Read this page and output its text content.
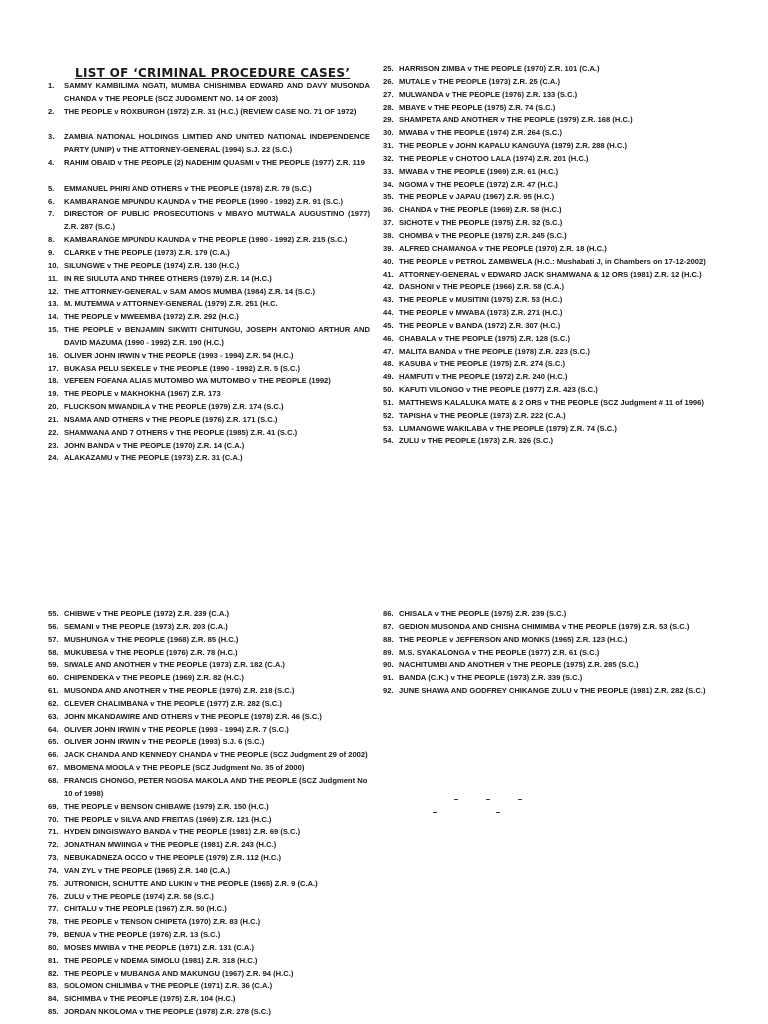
LIST OF ‘CRIMINAL PROCEDURE CASES’
1.	SAMMY KAMBILIMA NGATI, MUMBA CHISHIMBA EDWARD AND DAVY MUSONDA CHANDA v THE PEOPLE (SCZ JUDGMENT NO. 14 OF 2003)
2.	THE PEOPLE v ROXBURGH (1972) Z.R. 31 (H.C.) (REVIEW CASE NO. 71 OF 1972)
3.	ZAMBIA NATIONAL HOLDINGS LIMTIED AND UNITED NATIONAL INDEPENDENCE PARTY (UNIP) v THE ATTORNEY-GENERAL (1994) S.J. 22 (S.C.)
4.	RAHIM OBAID v THE PEOPLE (2) NADEHIM QUASMI v THE PEOPLE (1977) Z.R. 119
5.	EMMANUEL PHIRI AND OTHERS v THE PEOPLE (1978) Z.R. 79 (S.C.)
6.	KAMBARANGE MPUNDU KAUNDA v THE PEOPLE (1990 - 1992) Z.R. 91 (S.C.)
7.	DIRECTOR OF PUBLIC PROSECUTIONS v MBAYO MUTWALA AUGUSTINO (1977) Z.R. 287 (S.C.)
8.	KAMBARANGE MPUNDU KAUNDA v THE PEOPLE (1990 - 1992) Z.R. 215 (S.C.)
9.	CLARKE v THE PEOPLE (1973) Z.R. 179 (C.A.)
10. SILUNGWE v THE PEOPLE (1974) Z.R. 130 (H.C.)
11. IN RE SIULUTA AND THREE OTHERS (1979) Z.R. 14 (H.C.)
12. THE ATTORNEY-GENERAL v SAM AMOS MUMBA (1984) Z.R. 14 (S.C.)
13. M. MUTEMWA v ATTORNEY-GENERAL (1979) Z.R. 251 (H.C.
14. THE PEOPLE v MWEEMBA (1972) Z.R. 292 (H.C.)
15. THE PEOPLE v BENJAMIN SIKWITI CHITUNGU, JOSEPH ANTONIO ARTHUR AND DAVID MAZUMA (1990 - 1992) Z.R. 190 (H.C.)
16. OLIVER JOHN IRWIN v THE PEOPLE (1993 - 1994) Z.R. 54 (H.C.)
17. BUKASA PELU SEKELE v THE PEOPLE (1990 - 1992) Z.R. 5 (S.C.)
18. VEFEEN FOFANA ALIAS MUTOMBO WA MUTOMBO v THE PEOPLE (1992)
19. THE PEOPLE v MAKHOKHA (1967) Z.R. 173
20. FLUCKSON MWANDILA v THE PEOPLE (1979) Z.R. 174 (S.C.)
21. NSAMA AND OTHERS v THE PEOPLE (1976) Z.R. 171 (S.C.)
22. SHAMWANA AND 7 OTHERS v THE PEOPLE (1985) Z.R. 41 (S.C.)
23. JOHN BANDA v THE PEOPLE (1970) Z.R. 14 (C.A.)
24. ALAKAZAMU v THE PEOPLE (1973) Z.R. 31 (C.A.)
25. HARRISON ZIMBA v THE PEOPLE (1970) Z.R. 101 (C.A.)
26. MUTALE v THE PEOPLE (1973) Z.R. 25 (C.A.)
27. MULWANDA v THE PEOPLE (1976) Z.R. 133 (S.C.)
28. MBAYE v THE PEOPLE (1975) Z.R. 74 (S.C.)
29. SHAMPETA AND ANOTHER v THE PEOPLE (1979) Z.R. 168 (H.C.)
30. MWABA v THE PEOPLE (1974) Z.R. 264 (S.C.)
31. THE PEOPLE v JOHN KAPALU KANGUYA (1979) Z.R. 288 (H.C.)
32. THE PEOPLE v CHOTOO LALA (1974) Z.R. 201 (H.C.)
33. MWABA v THE PEOPLE (1969) Z.R. 61 (H.C.)
34. NGOMA v THE PEOPLE (1972) Z.R. 47 (H.C.)
35. THE PEOPLE v JAPAU (1967) Z.R. 95 (H.C.)
36. CHANDA v THE PEOPLE (1969) Z.R. 58 (H.C.)
37. SICHOTE v THE PEOPLE (1975) Z.R. 32 (S.C.)
38. CHOMBA v THE PEOPLE (1975) Z.R. 245 (S.C.)
39. ALFRED CHAMANGA v THE PEOPLE (1970) Z.R. 18 (H.C.)
40. THE PEOPLE v PETROL ZAMBWELA (H.C.: Mushabati J, in Chambers on 17-12-2002)
41. ATTORNEY-GENERAL v EDWARD JACK SHAMWANA & 12 ORS (1981) Z.R. 12 (H.C.)
42. DASHONI v THE PEOPLE (1966) Z.R. 58 (C.A.)
43. THE PEOPLE v MUSITINI (1975) Z.R. 53 (H.C.)
44. THE PEOPLE v MWABA (1973) Z.R. 271 (H.C.)
45. THE PEOPLE v BANDA (1972) Z.R. 307 (H.C.)
46. CHABALA v THE PEOPLE (1975) Z.R. 128 (S.C.)
47. MALITA BANDA v THE PEOPLE (1978) Z.R. 223 (S.C.)
48. KASUBA v THE PEOPLE (1975) Z.R. 274 (S.C.)
49. HAMFUTI v THE PEOPLE (1972) Z.R. 240 (H.C.)
50. KAFUTI VILONGO v THE PEOPLE (1977) Z.R. 423 (S.C.)
51. MATTHEWS KALALUKA MATE & 2 ORS v THE PEOPLE (SCZ Judgment # 11 of 1996)
52. TAPISHA v THE PEOPLE (1973) Z.R. 222 (C.A.)
53. LUMANGWE WAKILABA v THE PEOPLE (1979) Z.R. 74 (S.C.)
54. ZULU v THE PEOPLE (1973) Z.R. 326 (S.C.)
55. CHIBWE v THE PEOPLE (1972) Z.R. 239 (C.A.)
56. SEMANI v THE PEOPLE (1973) Z.R. 203 (C.A.)
57. MUSHUNGA v THE PEOPLE (1968) Z.R. 85 (H.C.)
58. MUKUBESA v THE PEOPLE (1976) Z.R. 78 (H.C.)
59. SIWALE AND ANOTHER v THE PEOPLE (1973) Z.R. 182 (C.A.)
60. CHIPENDEKA v THE PEOPLE (1969) Z.R. 82 (H.C.)
61. MUSONDA AND ANOTHER v THE PEOPLE (1976) Z.R. 218 (S.C.)
62. CLEVER CHALIMBANA v THE PEOPLE (1977) Z.R. 282 (S.C.)
63. JOHN MKANDAWIRE AND OTHERS v THE PEOPLE (1978) Z.R. 46 (S.C.)
64. OLIVER JOHN IRWIN v THE PEOPLE (1993 - 1994) Z.R. 7 (S.C.)
65. OLIVER JOHN IRWIN v THE PEOPLE (1993) S.J. 6 (S.C.)
66. JACK CHANDA AND KENNEDY CHANDA v THE PEOPLE (SCZ Judgment 29 of 2002)
67. MBOMENA MOOLA v THE PEOPLE (SCZ Judgment No. 35 of 2000)
68. FRANCIS CHONGO, PETER NGOSA MAKOLA AND THE PEOPLE (SCZ Judgment No 10 of 1998)
69. THE PEOPLE v BENSON CHIBAWE (1979) Z.R. 150 (H.C.)
70. THE PEOPLE v SILVA AND FREITAS (1969) Z.R. 121 (H.C.)
71. HYDEN DINGISWAYO BANDA v THE PEOPLE (1981) Z.R. 69 (S.C.)
72. JONATHAN MWIINGA v THE PEOPLE (1981) Z.R. 243 (H.C.)
73. NEBUKADNEZA OCCO v THE PEOPLE (1979) Z.R. 112 (H.C.)
74. VAN ZYL v THE PEOPLE (1965) Z.R. 140 (C.A.)
75. JUTRONICH, SCHUTTE AND LUKIN v THE PEOPLE (1965) Z.R. 9 (C.A.)
76. ZULU v THE PEOPLE (1974) Z.R. 58 (S.C.)
77. CHITALU v THE PEOPLE (1967) Z.R. 50 (H.C.)
78. THE PEOPLE v TENSON CHIPETA (1970) Z.R. 83 (H.C.)
79. BENUA v THE PEOPLE (1976) Z.R. 13 (S.C.)
80. MOSES MWIBA v THE PEOPLE (1971) Z.R. 131 (C.A.)
81. THE PEOPLE v NDEMA SIMOLU (1981) Z.R. 318 (H.C.)
82. THE PEOPLE v MUBANGA AND MAKUNGU (1967) Z.R. 94 (H.C.)
83. SOLOMON CHILIMBA v THE PEOPLE (1971) Z.R. 36 (C.A.)
84. SICHIMBA v THE PEOPLE (1975) Z.R. 104 (H.C.)
85. JORDAN NKOLOMA v THE PEOPLE (1978) Z.R. 278 (S.C.)
86. CHISALA v THE PEOPLE (1975) Z.R. 239 (S.C.)
87. GEDION MUSONDA AND CHISHA CHIMIMBA v THE PEOPLE (1979) Z.R. 53 (S.C.)
88. THE PEOPLE v JEFFERSON AND MONKS (1965) Z.R. 123 (H.C.)
89. M.S. SYAKALONGA v THE PEOPLE (1977) Z.R. 61 (S.C.)
90. NACHITUMBI AND ANOTHER v THE PEOPLE (1975) Z.R. 285 (S.C.)
91. BANDA (C.K.) v THE PEOPLE (1973) Z.R. 339 (S.C.)
92. JUNE SHAWA AND GODFREY CHIKANGE ZULU v THE PEOPLE (1981) Z.R. 282 (S.C.)
